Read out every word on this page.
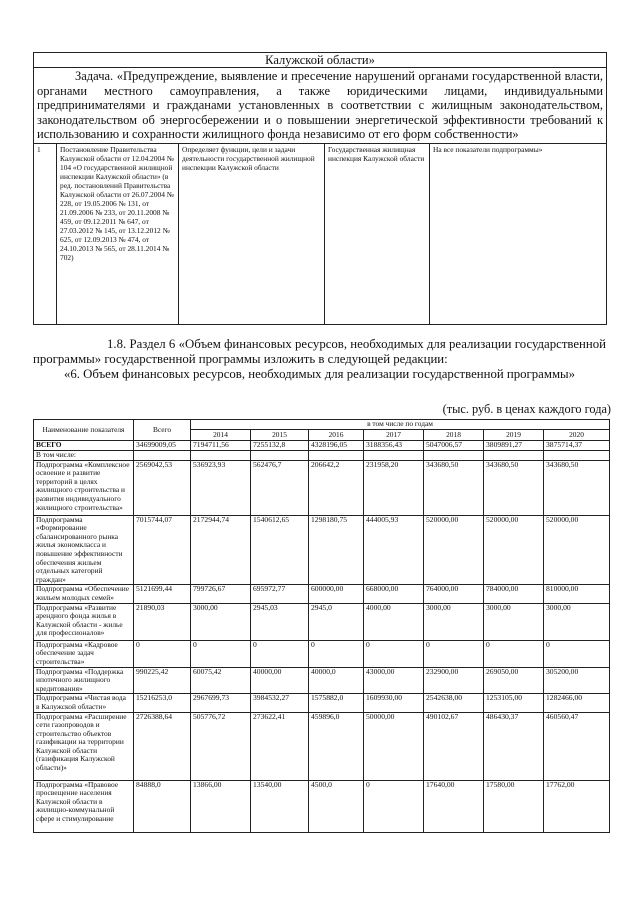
Калужской области»
Задача. «Предупреждение, выявление и пресечение нарушений органами государственной власти, органами местного самоуправления, а также юридическими лицами, индивидуальными предпринимателями и гражданами установленных в соответствии с жилищным законодательством, законодательством об энергосбережении и о повышении энергетической эффективности требований к использованию и сохранности жилищного фонда независимо от его форм собственности»
1	Постановление Правительства Калужской области от 12.04.2004 № 104 «О государственной жилищной инспекции Калужской области» (в ред. постановлений Правительства Калужской области от 26.07.2004 № 228, от 19.05.2006 № 131, от 21.09.2006 № 233, от 20.11.2008 № 459, от 09.12.2011 № 647, от 27.03.2012 № 145, от 13.12.2012 № 625, от 12.09.2013 № 474, от 24.10.2013 № 565, от 28.11.2014 № 702)	Определяет функции, цели и задачи деятельности государственной жилищной инспекции Калужской области	Государственная жилищная инспекция Калужской области	На все показатели подпрограммы»

1.8. Раздел 6 «Объем финансовых ресурсов, необходимых для реализации государственной программы» государственной программы изложить в следующей редакции:

«6. Объем финансовых ресурсов, необходимых для реализации государственной программы»
(тыс. руб. в ценах каждого года)
Наименование показателя	Всего	в том числе по годам						
		2014	2015	2016	2017	2018	2019	2020
ВСЕГО	34699009,05	7194711,56	7255132,8	4328196,05	3188356,43	5047006,57	3809891,27	3875714,37
В том числе:								
Подпрограмма «Комплексное освоение и развитие территорий в целях жилищного строительства и развития индивидуального жилищного строительства»	2569042,53	536923,93	562476,7	206642,2	231958,20	343680,50	343680,50	343680,50
Подпрограмма «Формирование сбалансированного рынка жилья экономкласса и повышение эффективности обеспечения жильем отдельных категорий граждан»	7015744,07	2172944,74	1540612,65	1298180,75	444005,93	520000,00	520000,00	520000,00
Подпрограмма «Обеспечение жильем молодых семей»	5121699,44	799726,67	695972,77	600000,00	668000,00	764000,00	784000,00	810000,00
Подпрограмма «Развитие арендного фонда жилья в Калужской области - жилье для профессионалов»	21890,03	3000,00	2945,03	2945,0	4000,00	3000,00	3000,00	3000,00
Подпрограмма «Кадровое обеспечение задач строительства»	0	0	0	0	0	0	0	0
Подпрограмма «Поддержка ипотечного жилищного кредитования»	990225,42	60075,42	40000,00	40000,0	43000,00	232900,00	269050,00	305200,00
Подпрограмма «Чистая вода в Калужской области»	15216253,0	2967699,73	3984532,27	1575882,0	1609930,00	2542638,00	1253105,00	1282466,00
Подпрограмма «Расширение сети газопроводов и строительство объектов газификации на территории Калужской области (газификация Калужской области)»	2726388,64	505776,72	273622,41	459896,0	50000,00	490102,67	486430,37	460560,47
Подпрограмма «Правовое просвещение населения Калужской области в жилищно-коммунальной сфере и стимулирование	84888,0	13866,00	13540,00	4500,0	0	17640,00	17580,00	17762,00
